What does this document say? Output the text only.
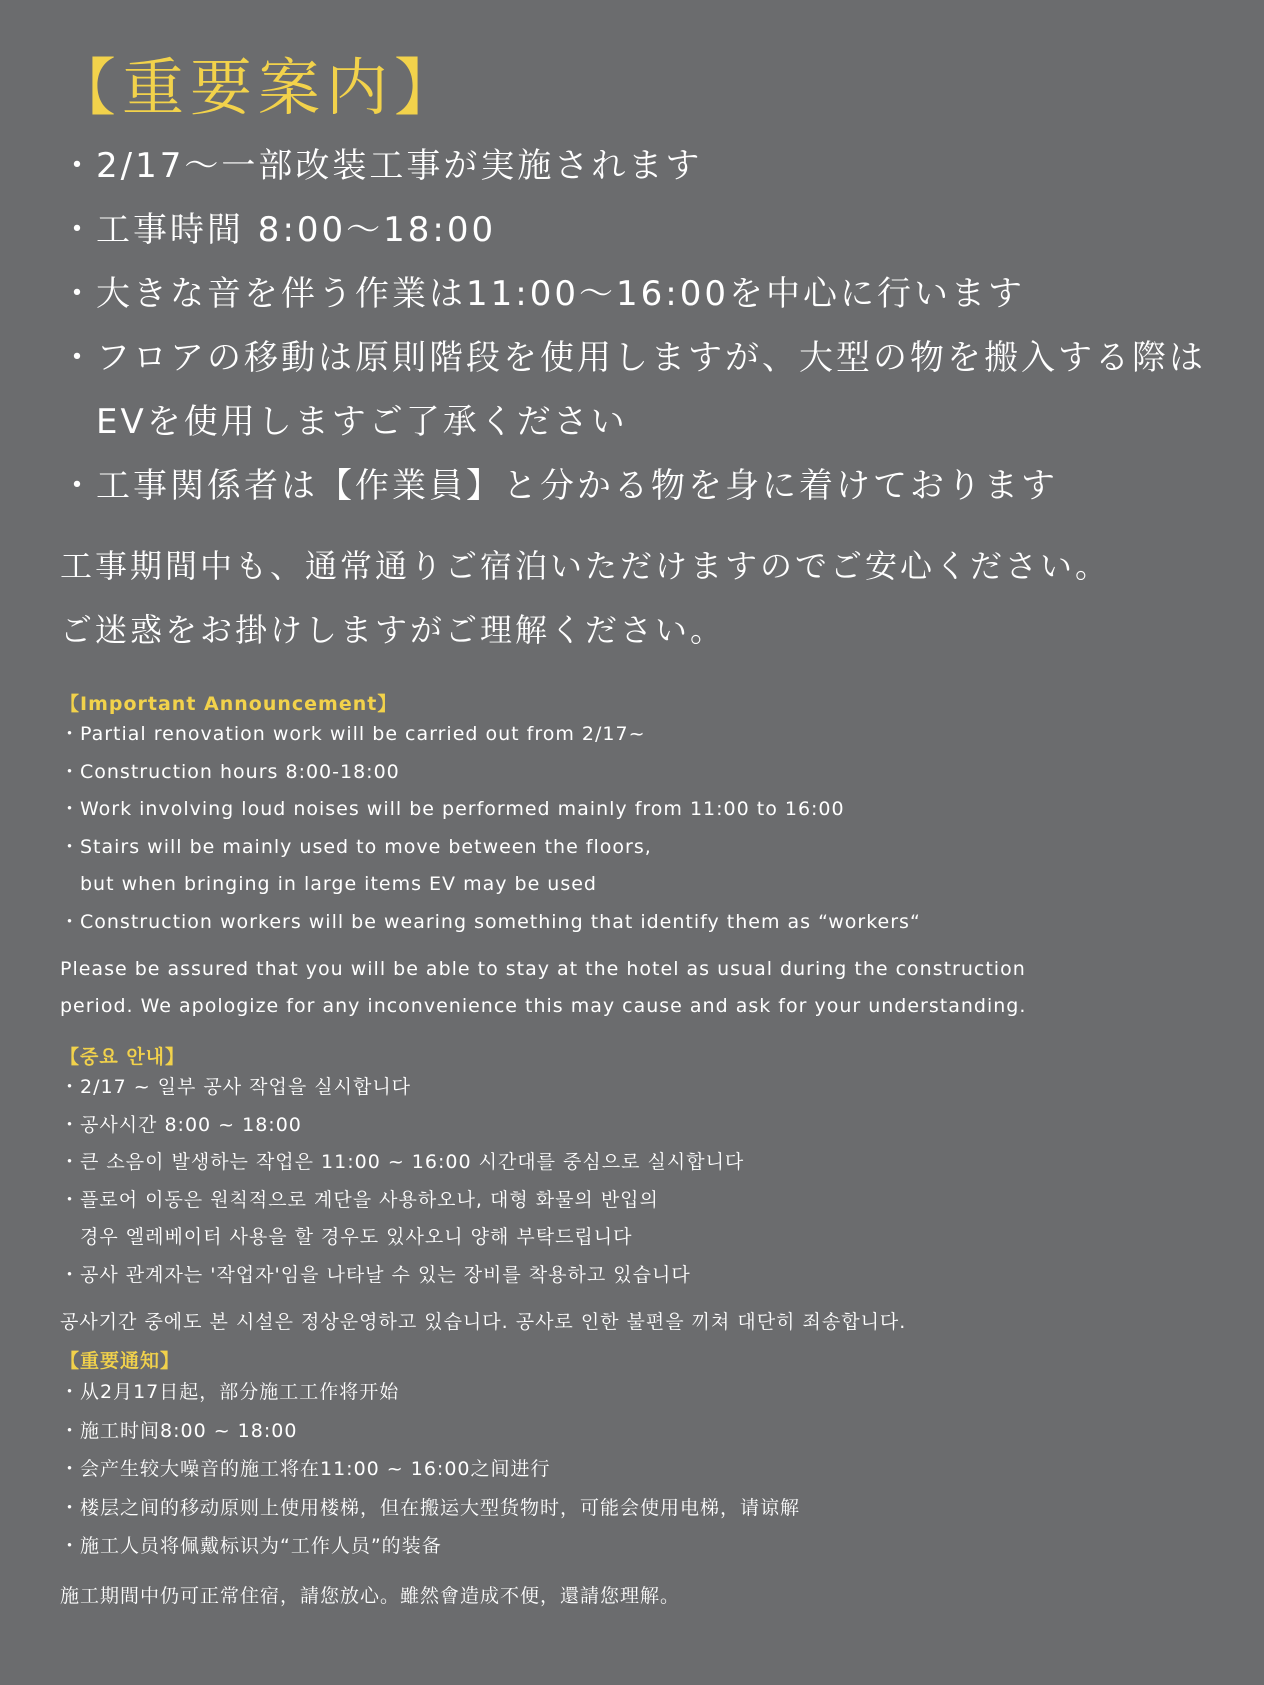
【重要案内】
・2/17〜一部改装工事が実施されます
・工事時間 8:00〜18:00
・大きな音を伴う作業は11:00〜16:00を中心に行います
・フロアの移動は原則階段を使用しますが、大型の物を搬入する際は
EVを使用しますご了承ください
・工事関係者は【作業員】と分かる物を身に着けております

工事期間中も、通常通りご宿泊いただけますのでご安心ください。

ご迷惑をお掛けしますがご理解ください。

【Important Announcement】
・Partial renovation work will be carried out from 2/17~
・Construction hours 8:00-18:00
・Work involving loud noises will be performed mainly from 11:00 to 16:00
・Stairs will be mainly used to move between the floors,
but when bringing in large items EV may be used
・Construction workers will be wearing something that identify them as “workers“

Please be assured that you will be able to stay at the hotel as usual during the construction

period. We apologize for any inconvenience this may cause and ask for your understanding.

【중요 안내】
・2/17 ~ 일부 공사 작업을 실시합니다
・공사시간 8:00 ~ 18:00
・큰 소음이 발생하는 작업은 11:00 ~ 16:00 시간대를 중심으로 실시합니다
・플로어 이동은 원칙적으로 계단을 사용하오나, 대형 화물의 반입의
경우 엘레베이터 사용을 할 경우도 있사오니 양해 부탁드립니다
・공사 관계자는 '작업자'임을 나타날 수 있는 장비를 착용하고 있습니다

공사기간 중에도 본 시설은 정상운영하고 있습니다. 공사로 인한 불편을 끼쳐 대단히 죄송합니다.

【重要通知】
・从2月17日起，部分施工工作将开始
・施工时间8:00 ~ 18:00
・会产生较大噪音的施工将在11:00 ~ 16:00之间进行
・楼层之间的移动原则上使用楼梯，但在搬运大型货物时，可能会使用电梯，请谅解
・施工人员将佩戴标识为“工作人员”的装备

施工期間中仍可正常住宿，請您放心。雖然會造成不便，還請您理解。
